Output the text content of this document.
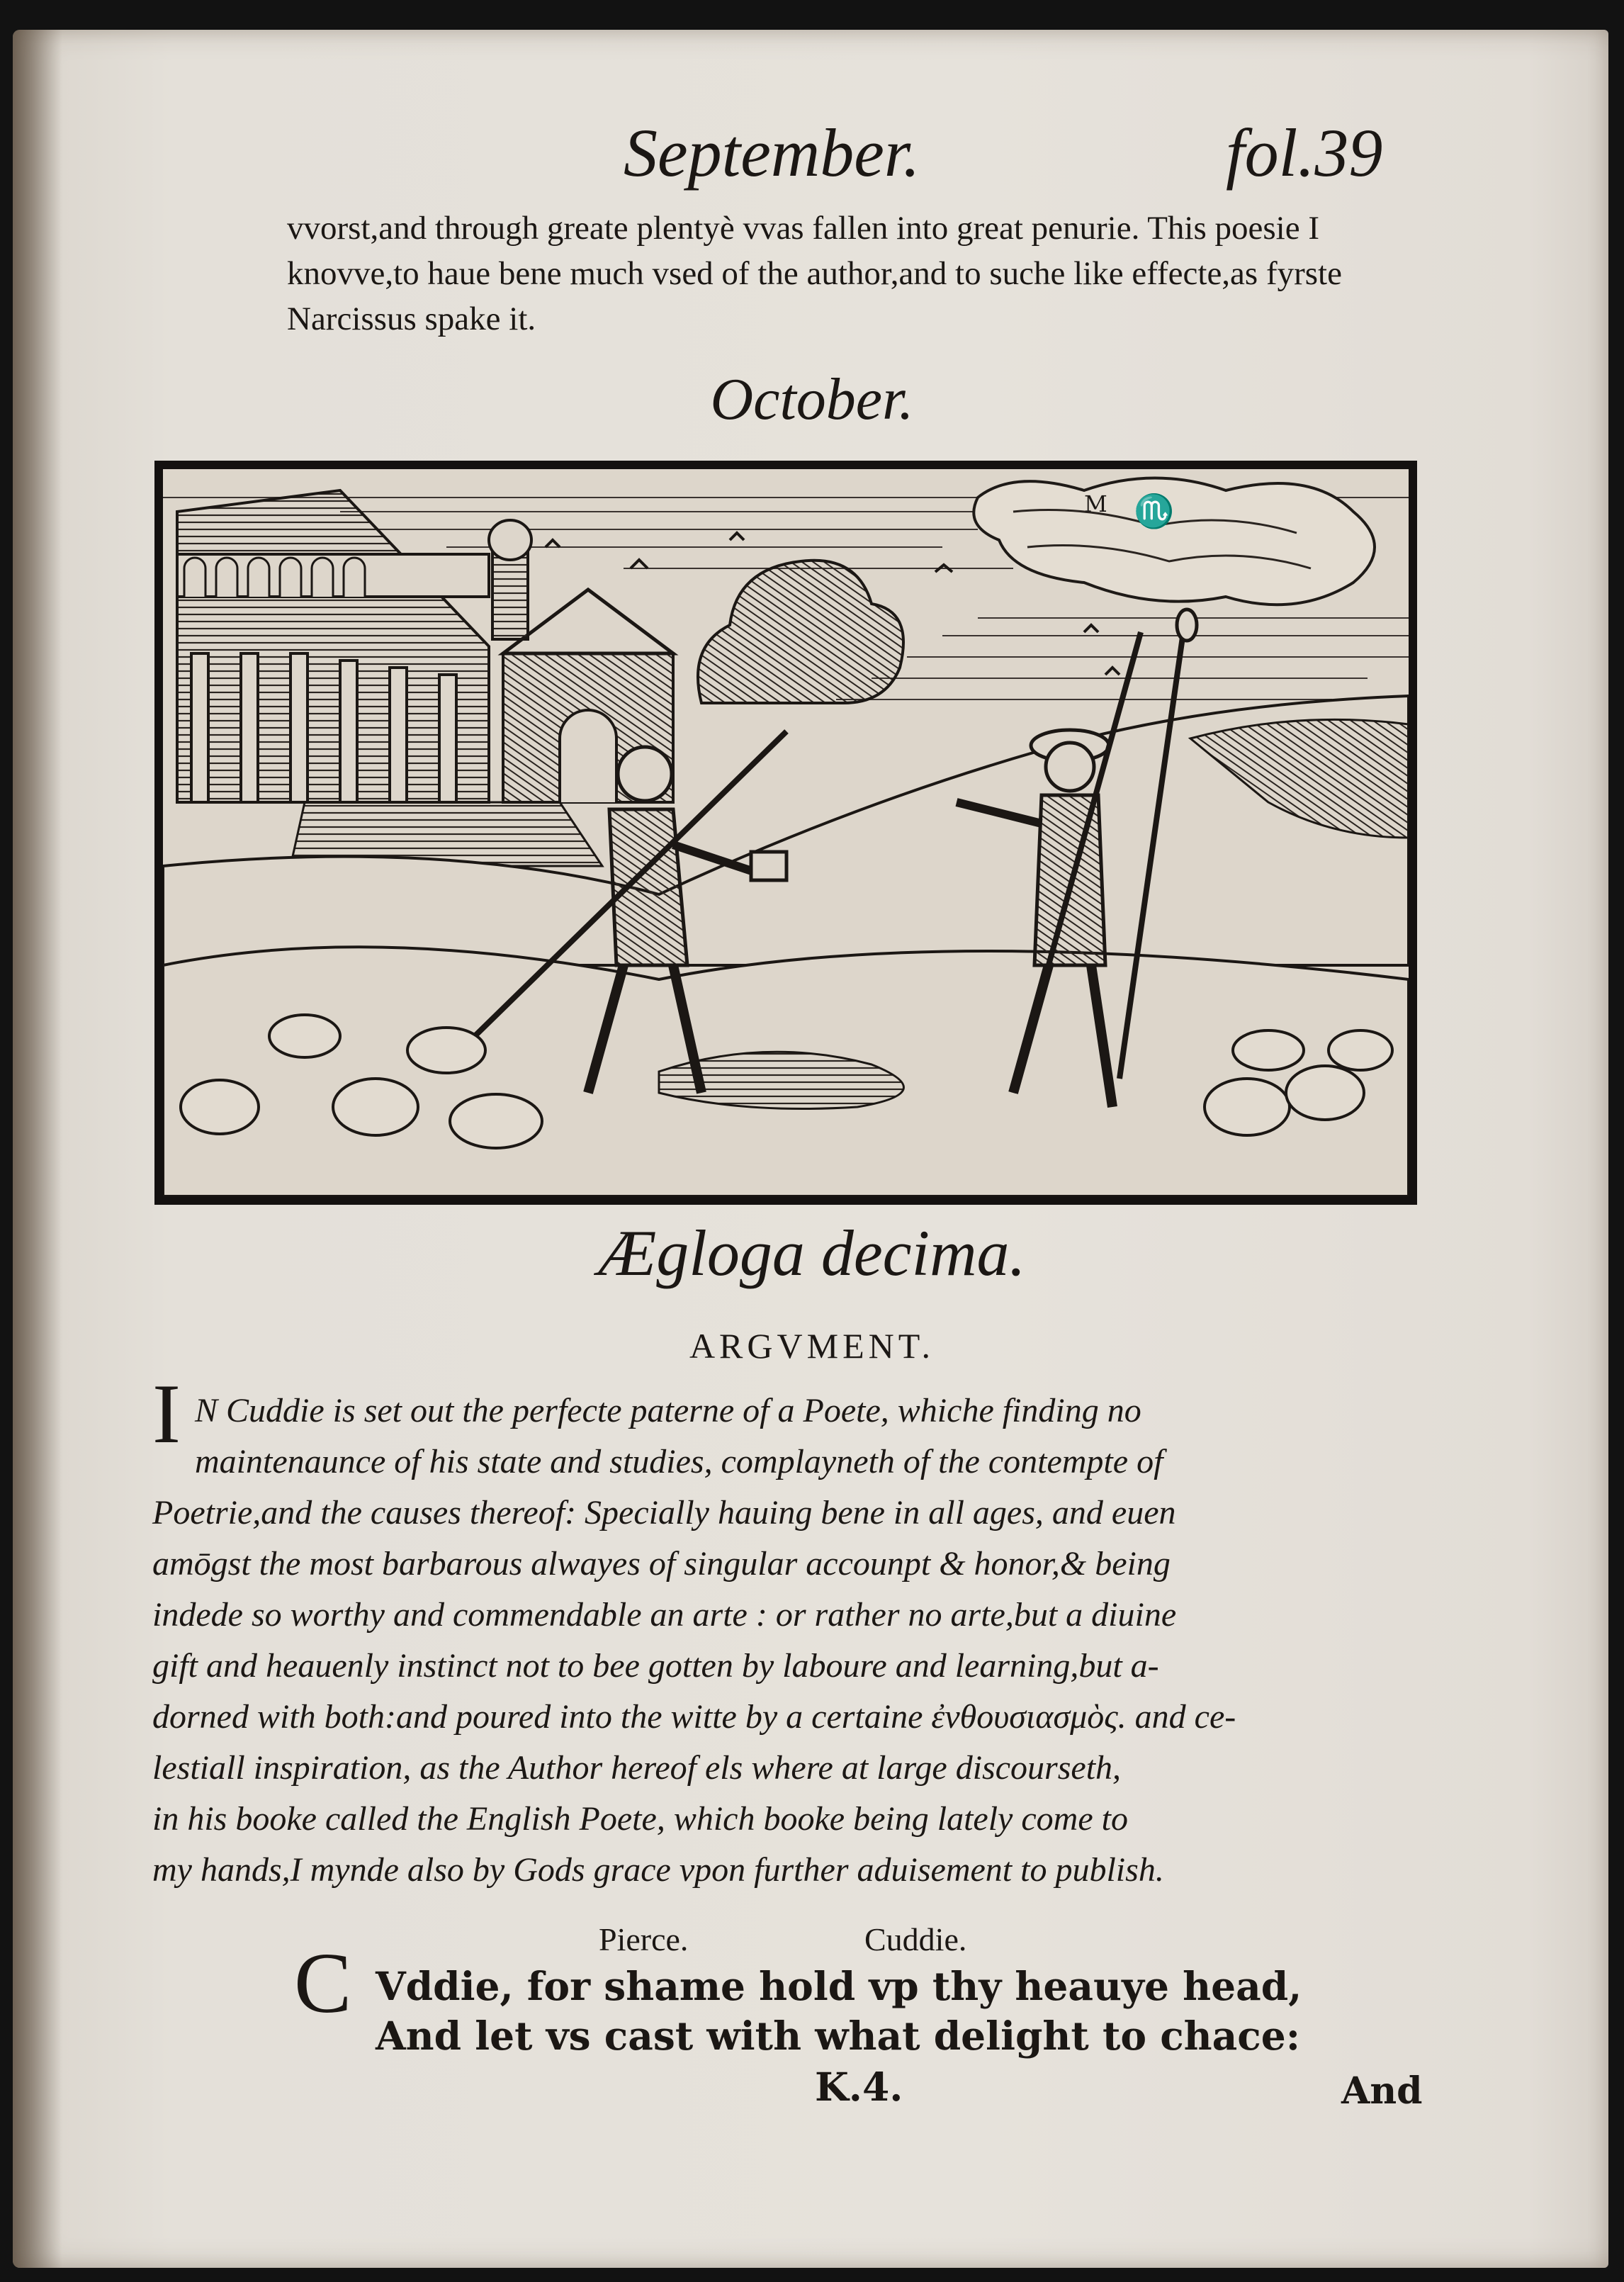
September.	fol.39
vvorst,and through greate plentyè vvas fallen into great penurie. This poesie I
knovve,to haue bene much vsed of the author,and to suche like effecte,as fyrste
Narcissus spake it.
October.
♏
M
Ægloga decima.
ARGVMENT.
I N Cuddie is set out the perfecte paterne of a Poete, whiche finding no
maintenaunce of his state and studies, complayneth of the contempte of
Poetrie,and the causes thereof: Specially hauing bene in all ages, and euen
amōgst the most barbarous alwayes of singular accounpt & honor,& being
indede so worthy and commendable an arte : or rather no arte,but a diuine
gift and heauenly instinct not to bee gotten by laboure and learning,but a-
dorned with both:and poured into the witte by a certaine ἐνθουσιασμὸς. and ce-
lestiall inspiration, as the Author hereof els where at large discourseth,
in his booke called the English Poete, which booke being lately come to
my hands,I mynde also by Gods grace vpon further aduisement to publish.
Pierce.	Cuddie.
C Vddie, for shame hold vp thy heauye head,
And let vs cast with what delight to chace:
K.4.	And
